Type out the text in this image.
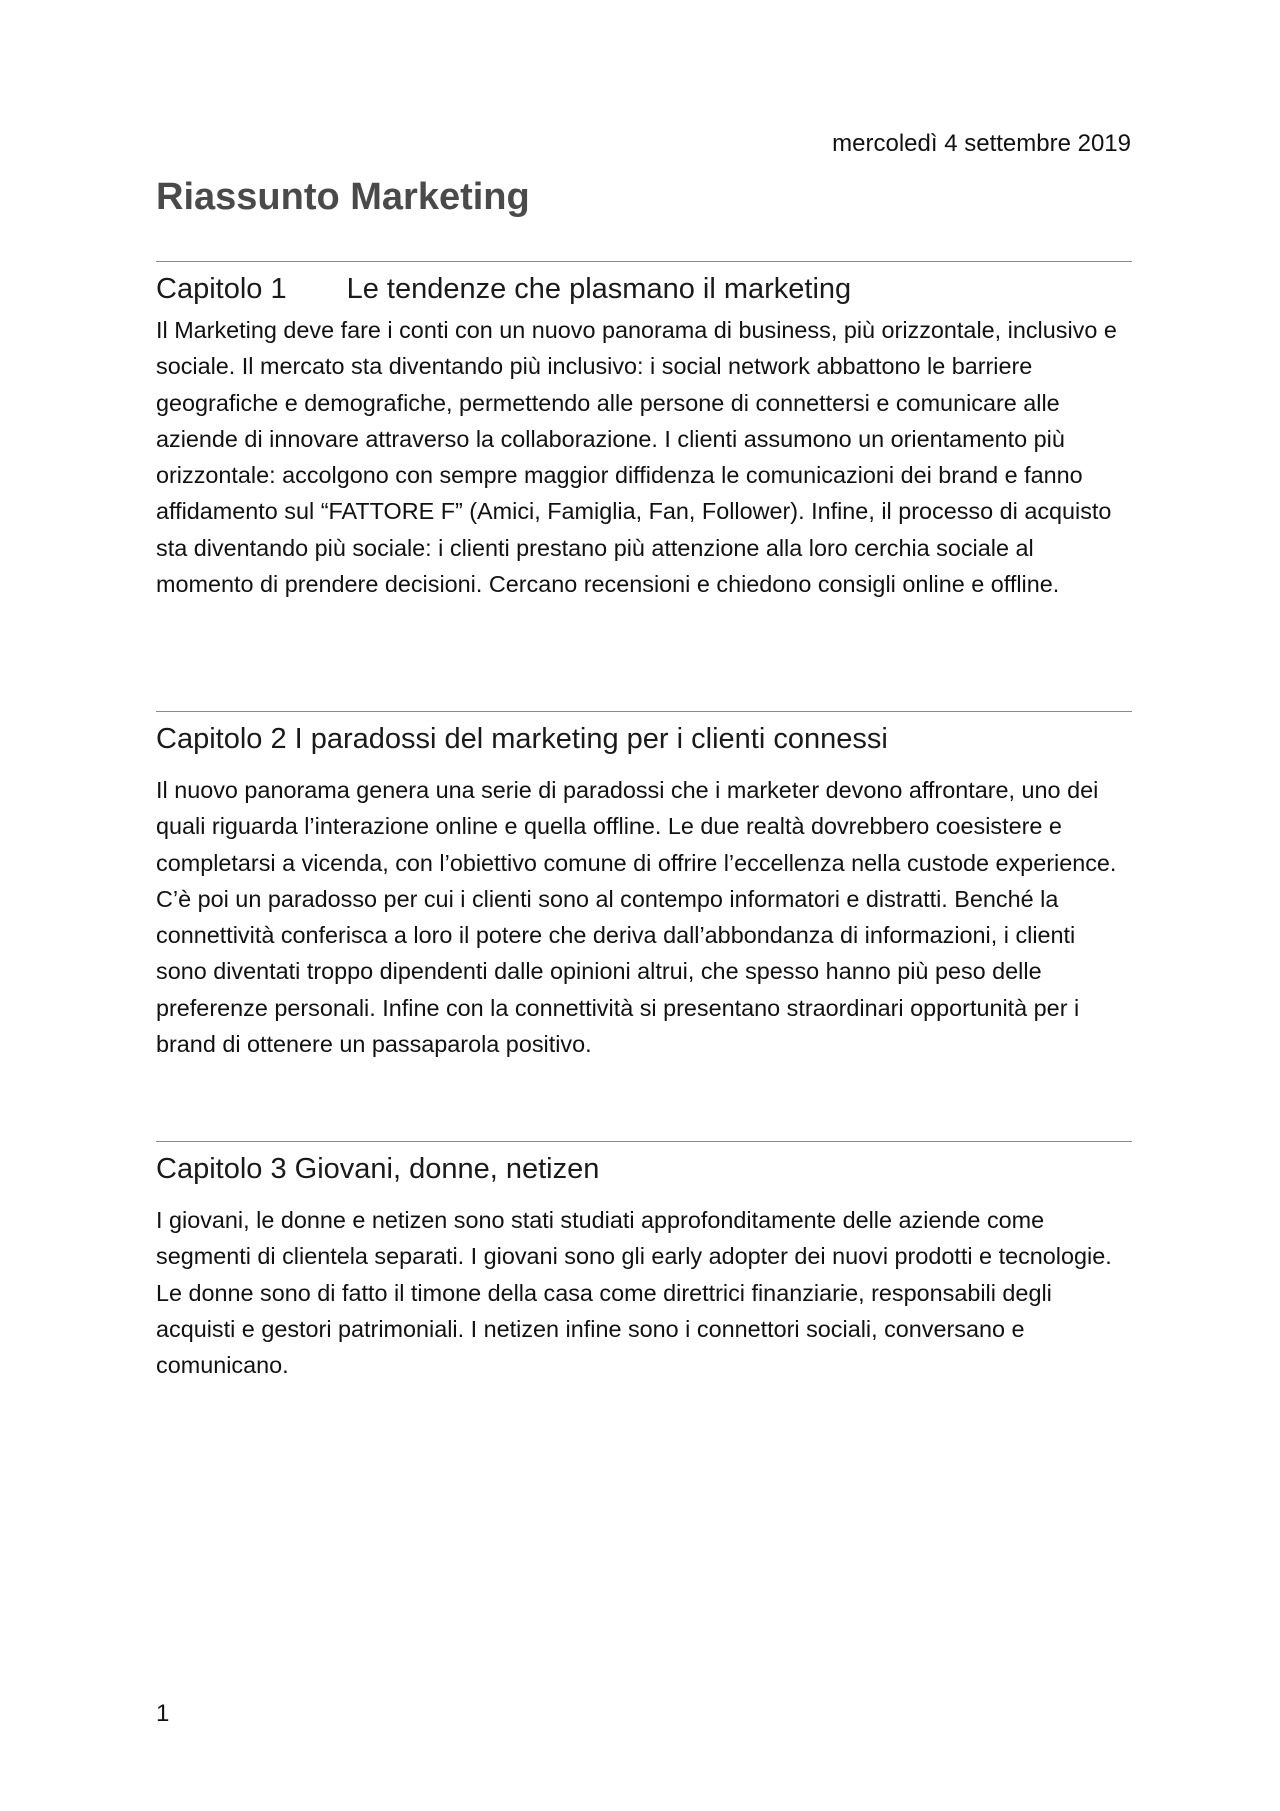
mercoledì 4 settembre 2019
Riassunto Marketing
Capitolo 1 Le tendenze che plasmano il marketing

Il Marketing deve fare i conti con un nuovo panorama di business, più orizzontale, inclusivo e sociale. Il mercato sta diventando più inclusivo: i social network abbattono le barriere geografiche e demografiche, permettendo alle persone di connettersi e comunicare alle aziende di innovare attraverso la collaborazione. I clienti assumono un orientamento più orizzontale: accolgono con sempre maggior diffidenza le comunicazioni dei brand e fanno affidamento sul “FATTORE F” (Amici, Famiglia, Fan, Follower). Infine, il processo di acquisto sta diventando più sociale: i clienti prestano più attenzione alla loro cerchia sociale al momento di prendere decisioni. Cercano recensioni e chiedono consigli online e offline.

Capitolo 2 I paradossi del marketing per i clienti connessi

Il nuovo panorama genera una serie di paradossi che i marketer devono affrontare, uno dei quali riguarda l’interazione online e quella offline. Le due realtà dovrebbero coesistere e completarsi a vicenda, con l’obiettivo comune di offrire l’eccellenza nella custode experience. C’è poi un paradosso per cui i clienti sono al contempo informatori e distratti. Benché la connettività conferisca a loro il potere che deriva dall’abbondanza di informazioni, i clienti sono diventati troppo dipendenti dalle opinioni altrui, che spesso hanno più peso delle preferenze personali. Infine con la connettività si presentano straordinari opportunità per i brand di ottenere un passaparola positivo.

Capitolo 3 Giovani, donne, netizen

I giovani, le donne e netizen sono stati studiati approfonditamente delle aziende come segmenti di clientela separati. I giovani sono gli early adopter dei nuovi prodotti e tecnologie. Le donne sono di fatto il timone della casa come direttrici finanziarie, responsabili degli acquisti e gestori patrimoniali. I netizen infine sono i connettori sociali, conversano e comunicano.

1
